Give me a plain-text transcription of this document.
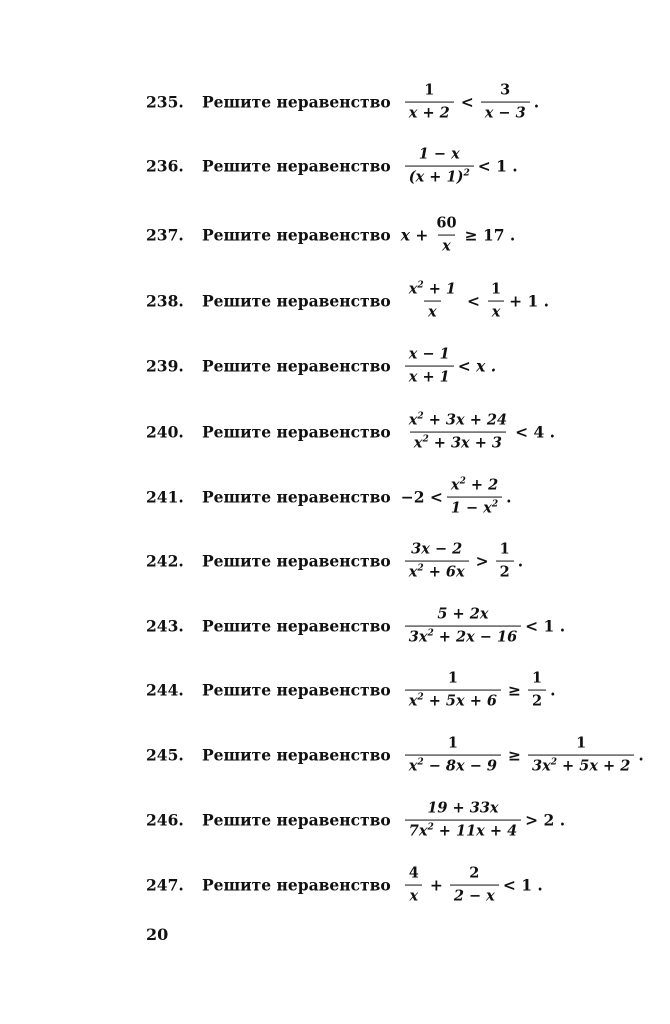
235.	Решите неравенство $\frac{1}{x + 2} < \frac{3}{x - 3}$ .
236.	Решите неравенство $\frac{1 - x}{(x + 1)^2} < 1$ .
237.	Решите неравенство $x + \frac{60}{x} \ge 17$ .
238.	Решите неравенство $\frac{x^2 + 1}{x} < \frac{1}{x} + 1$ .
239.	Решите неравенство $\frac{x - 1}{x + 1} < x$ .
240.	Решите неравенство $\frac{x^2 + 3x + 24}{x^2 + 3x + 3} < 4$ .
241.	Решите неравенство $-2 < \frac{x^2 + 2}{1 - x^2}$ .
242.	Решите неравенство $\frac{3x - 2}{x^2 + 6x} > \frac{1}{2}$ .
243.	Решите неравенство $\frac{5 + 2x}{3x^2 + 2x - 16} < 1$ .
244.	Решите неравенство $\frac{1}{x^2 + 5x + 6} \ge \frac{1}{2}$ .
245.	Решите неравенство $\frac{1}{x^2 - 8x - 9} \ge \frac{1}{3x^2 + 5x + 2}$ .
246.	Решите неравенство $\frac{19 + 33x}{7x^2 + 11x + 4} > 2$ .
247.	Решите неравенство $\frac{4}{x} + \frac{2}{2 - x} < 1$ .
20
